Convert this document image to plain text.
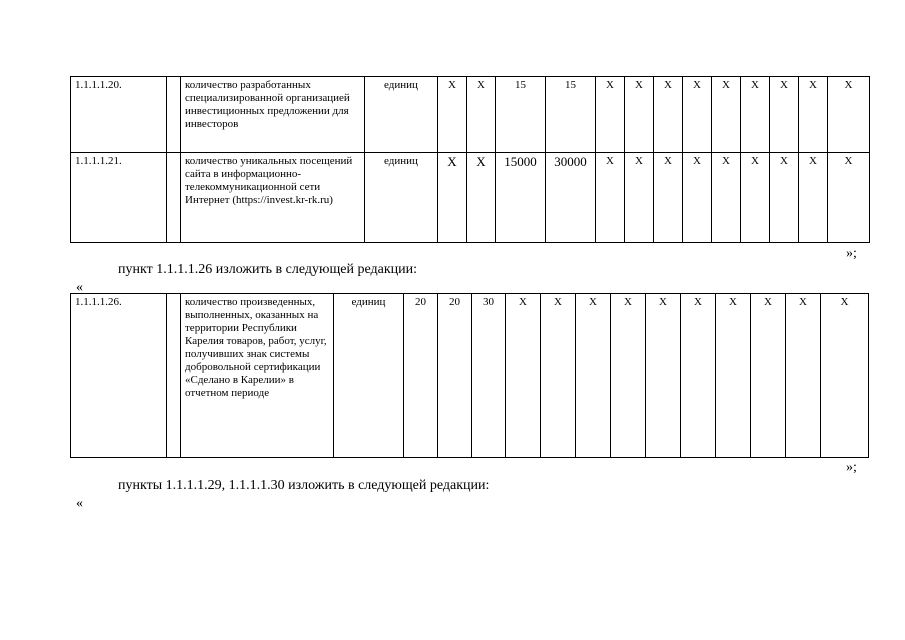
1.1.1.1.20.		количество разработанных специализированной организацией инвестиционных предложении для инвесторов	единиц	X	X	15	15	X	X	X	X	X	X	X	X	X
1.1.1.1.21.		количество уникальных посещений сайта в информационно-телекоммуникационной сети Интернет (https://invest.kr-rk.ru)	единиц	X	X	15000	30000	X	X	X	X	X	X	X	X	X
»;
пункт 1.1.1.1.26 изложить в следующей редакции:
«
1.1.1.1.26.		количество произведенных, выполненных, оказанных на территории Республики Карелия товаров, работ, услуг, получивших знак системы добровольной сертификации «Сделано в Карелии» в отчетном периоде	единиц	20	20	30	X	X	X	X	X	X	X	X	X	X
»;
пункты 1.1.1.1.29, 1.1.1.1.30 изложить в следующей редакции:
«
